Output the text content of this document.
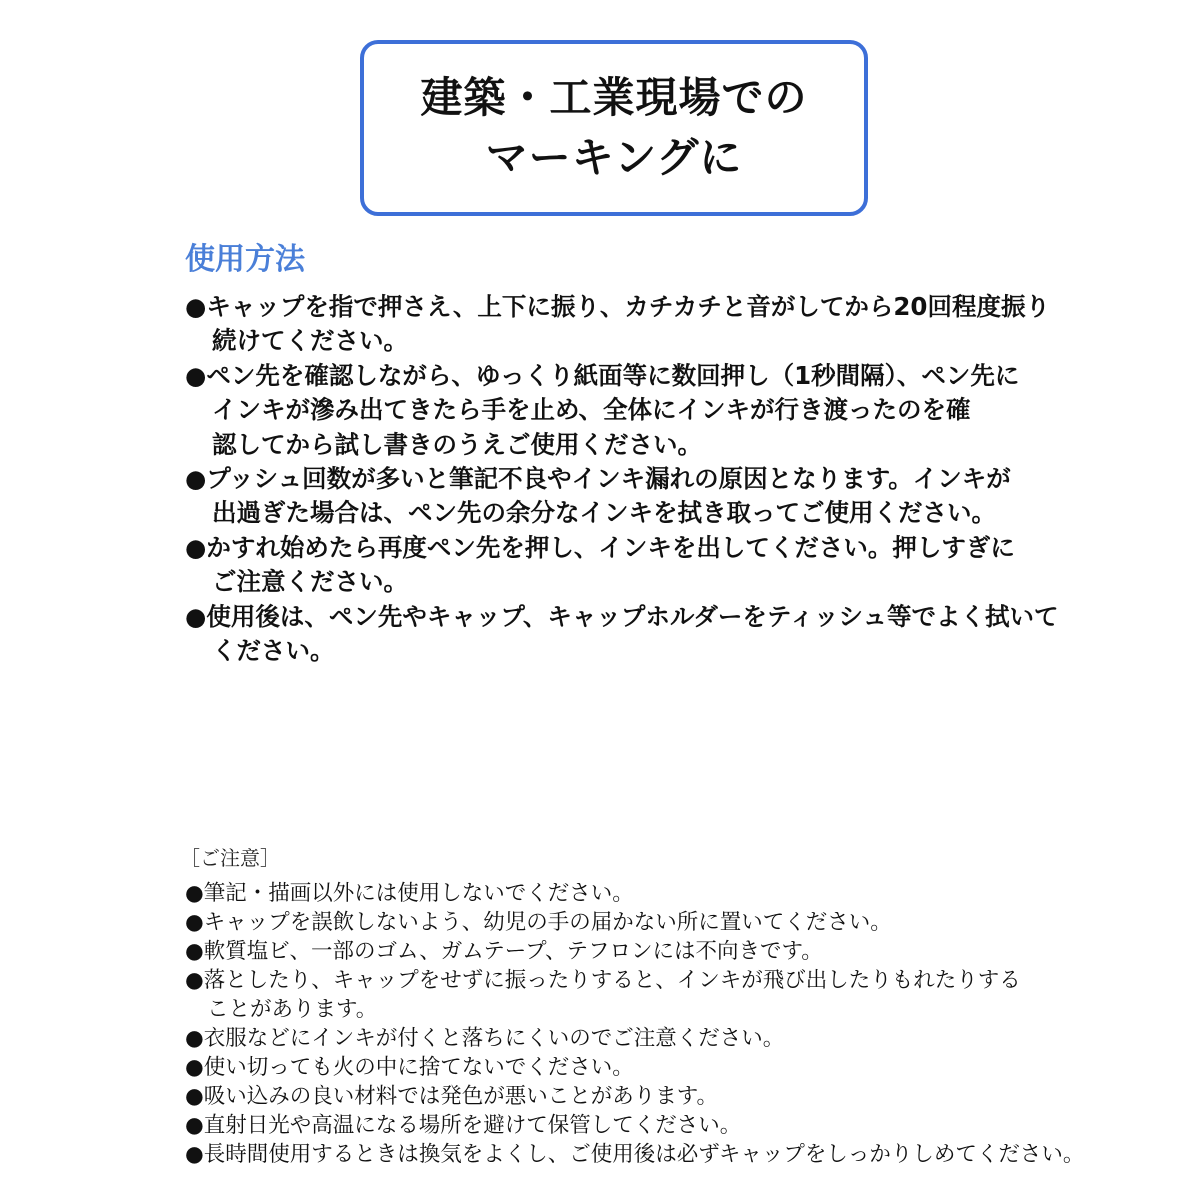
建築・工業現場での
マーキングに
使用方法
●キャップを指で押さえ、上下に振り、カチカチと音がしてから20回程度振り
続けてください。
●ペン先を確認しながら、ゆっくり紙面等に数回押し（1秒間隔）、ペン先に
インキが滲み出てきたら手を止め、全体にインキが行き渡ったのを確
認してから試し書きのうえご使用ください。
●プッシュ回数が多いと筆記不良やインキ漏れの原因となります。インキが
出過ぎた場合は、ペン先の余分なインキを拭き取ってご使用ください。
●かすれ始めたら再度ペン先を押し、インキを出してください。押しすぎに
ご注意ください。
●使用後は、ペン先やキャップ、キャップホルダーをティッシュ等でよく拭いて
ください。
［ご注意］
●筆記・描画以外には使用しないでください。
●キャップを誤飲しないよう、幼児の手の届かない所に置いてください。
●軟質塩ビ、一部のゴム、ガムテープ、テフロンには不向きです。
●落としたり、キャップをせずに振ったりすると、インキが飛び出したりもれたりする
ことがあります。
●衣服などにインキが付くと落ちにくいのでご注意ください。
●使い切っても火の中に捨てないでください。
●吸い込みの良い材料では発色が悪いことがあります。
●直射日光や高温になる場所を避けて保管してください。
●長時間使用するときは換気をよくし、ご使用後は必ずキャップをしっかりしめてください。
